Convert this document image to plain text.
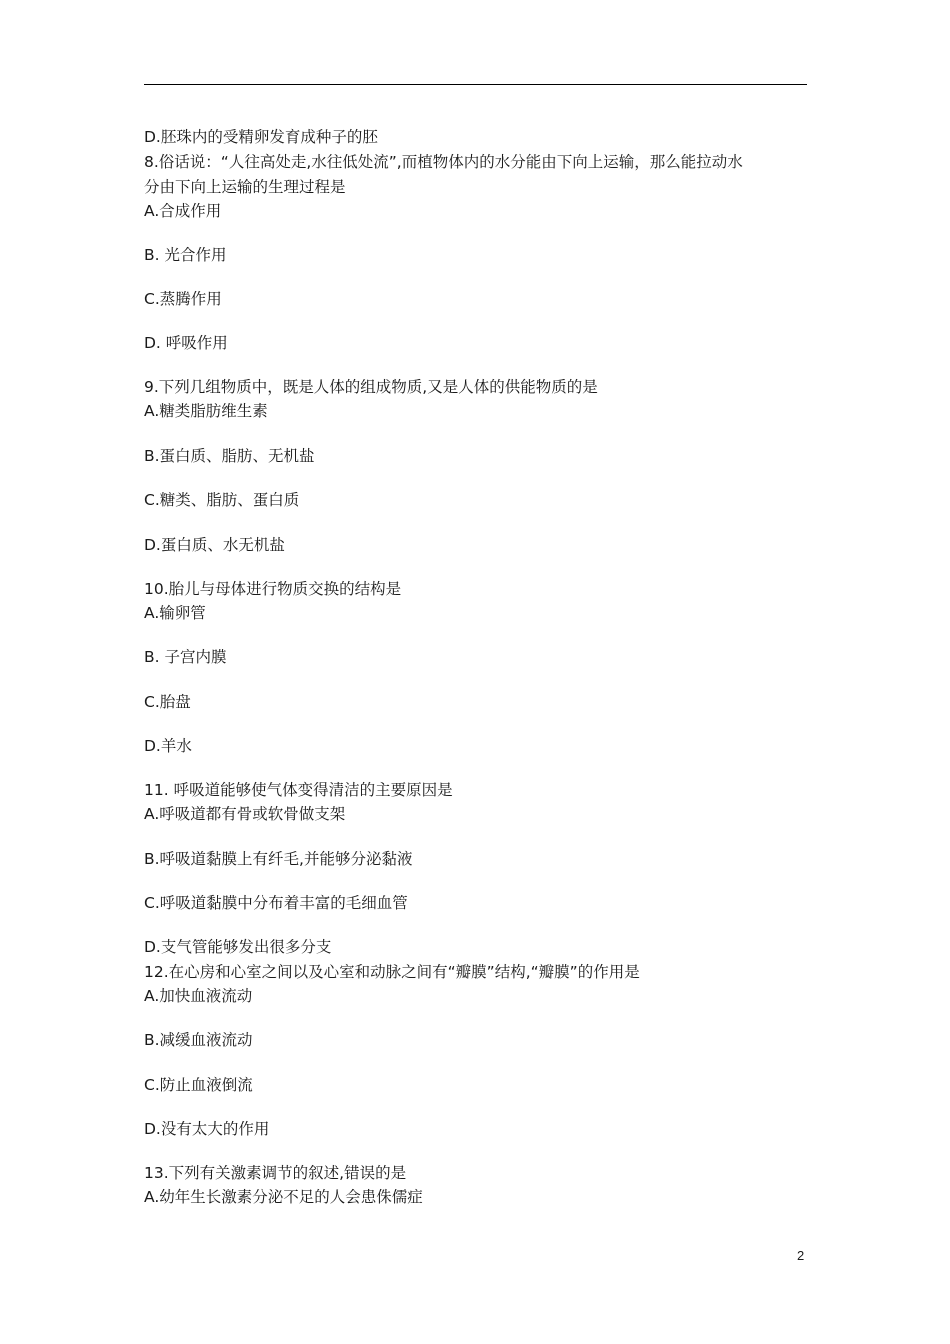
D.胚珠内的受精卵发育成种子的胚
8.俗话说：“人往高处走,水往低处流”,而植物体内的水分能由下向上运输，那么能拉动水
分由下向上运输的生理过程是
A.合成作用
B. 光合作用
C.蒸腾作用
D. 呼吸作用
9.下列几组物质中，既是人体的组成物质,又是人体的供能物质的是
A.糖类脂肪维生素
B.蛋白质、脂肪、无机盐
C.糖类、脂肪、蛋白质
D.蛋白质、水无机盐
10.胎儿与母体进行物质交换的结构是
A.输卵管
B. 子宫内膜
C.胎盘
D.羊水
11. 呼吸道能够使气体变得清洁的主要原因是
A.呼吸道都有骨或软骨做支架
B.呼吸道黏膜上有纤毛,并能够分泌黏液
C.呼吸道黏膜中分布着丰富的毛细血管
D.支气管能够发出很多分支
12.在心房和心室之间以及心室和动脉之间有“瓣膜”结构,“瓣膜”的作用是
A.加快血液流动
B.减缓血液流动
C.防止血液倒流
D.没有太大的作用
13.下列有关激素调节的叙述,错误的是
A.幼年生长激素分泌不足的人会患侏儒症
2
